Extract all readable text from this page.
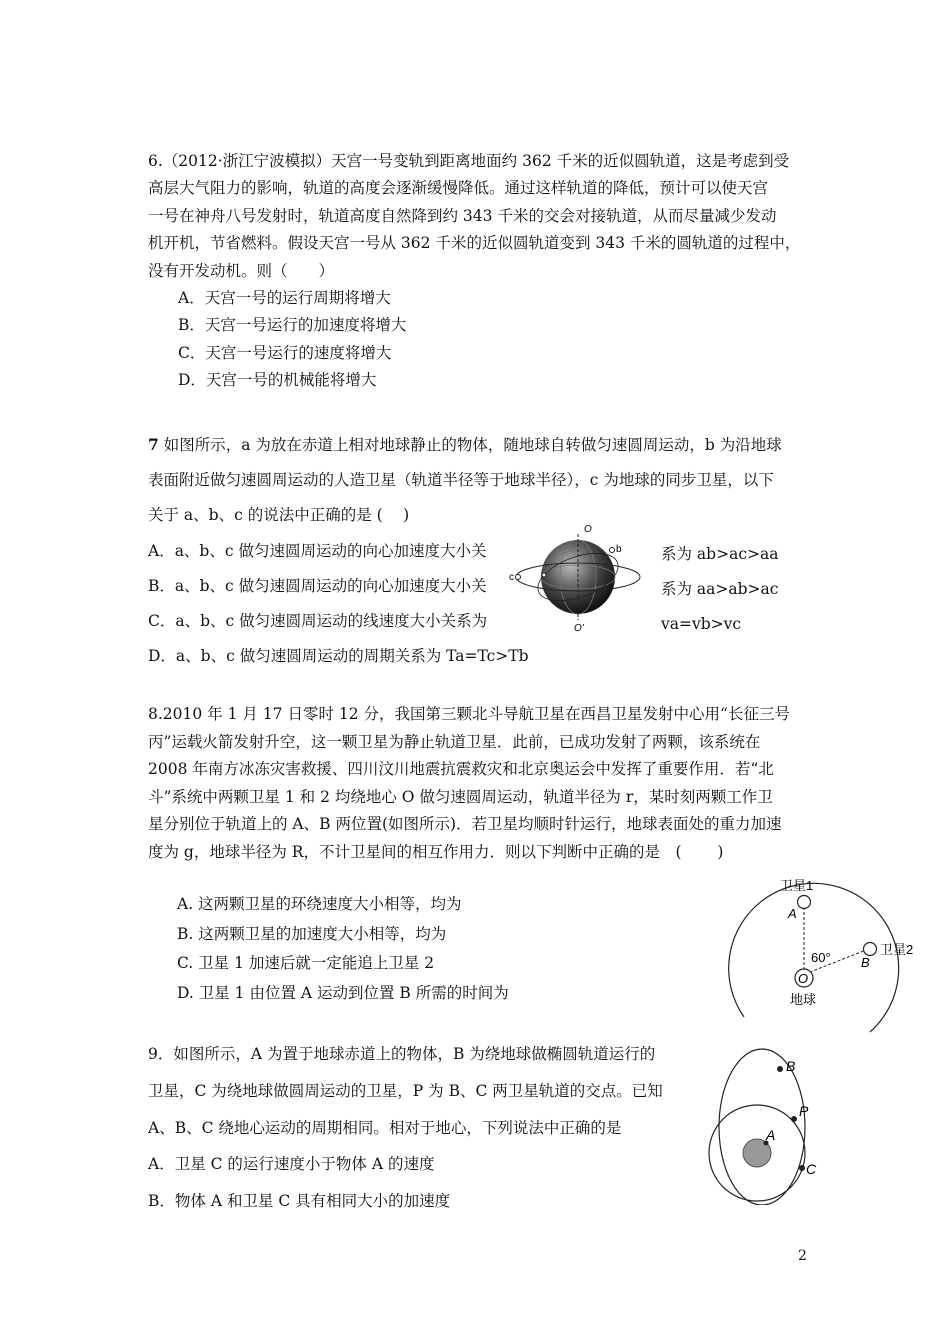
6.（2012·浙江宁波模拟）天宫一号变轨到距离地面约 362 千米的近似圆轨道，这是考虑到受

高层大气阻力的影响，轨道的高度会逐渐缓慢降低。通过这样轨道的降低，预计可以使天宫

一号在神舟八号发射时，轨道高度自然降到约 343 千米的交会对接轨道，从而尽量减少发动

机开机，节省燃料。假设天宫一号从 362 千米的近似圆轨道变到 343 千米的圆轨道的过程中，

没有开发动机。则（　　）

A．天宫一号的运行周期将增大

B．天宫一号运行的加速度将增大

C．天宫一号运行的速度将增大

D．天宫一号的机械能将增大

7 如图所示，a 为放在赤道上相对地球静止的物体，随地球自转做匀速圆周运动，b 为沿地球

表面附近做匀速圆周运动的人造卫星（轨道半径等于地球半径），c 为地球的同步卫星，以下

关于 a、b、c 的说法中正确的是 (　 )

A．a、b、c 做匀速圆周运动的向心加速度大小关

B．a、b、c 做匀速圆周运动的向心加速度大小关

C．a、b、c 做匀速圆周运动的线速度大小关系为

D．a、b、c 做匀速圆周运动的周期关系为 Ta=Tc>Tb

系为 ab>ac>aa

系为 aa>ab>ac

va=vb>vc

O
O'
b
c a

8.2010 年 1 月 17 日零时 12 分，我国第三颗北斗导航卫星在西昌卫星发射中心用“长征三号

丙”运载火箭发射升空，这一颗卫星为静止轨道卫星．此前，已成功发射了两颗，该系统在

2008 年南方冰冻灾害救援、四川汶川地震抗震救灾和北京奥运会中发挥了重要作用．若“北

斗”系统中两颗卫星 1 和 2 均绕地心 O 做匀速圆周运动，轨道半径为 r，某时刻两颗工作卫

星分别位于轨道上的 A、B 两位置(如图所示)．若卫星均顺时针运行，地球表面处的重力加速

度为 g，地球半径为 R，不计卫星间的相互作用力．则以下判断中正确的是　(　　 )

A. 这两颗卫星的环绕速度大小相等，均为

B. 这两颗卫星的加速度大小相等，均为

C. 卫星 1 加速后就一定能追上卫星 2

D. 卫星 1 由位置 A 运动到位置 B 所需的时间为

O
卫星1
卫星2
A
B
60°
地球

9．如图所示，A 为置于地球赤道上的物体，B 为绕地球做椭圆轨道运行的

卫星，C 为绕地球做圆周运动的卫星，P 为 B、C 两卫星轨道的交点。已知

A、B、C 绕地心运动的周期相同。相对于地心，下列说法中正确的是

A．卫星 C 的运行速度小于物体 A 的速度

B．物体 A 和卫星 C 具有相同大小的加速度

B
P
A
C
2
